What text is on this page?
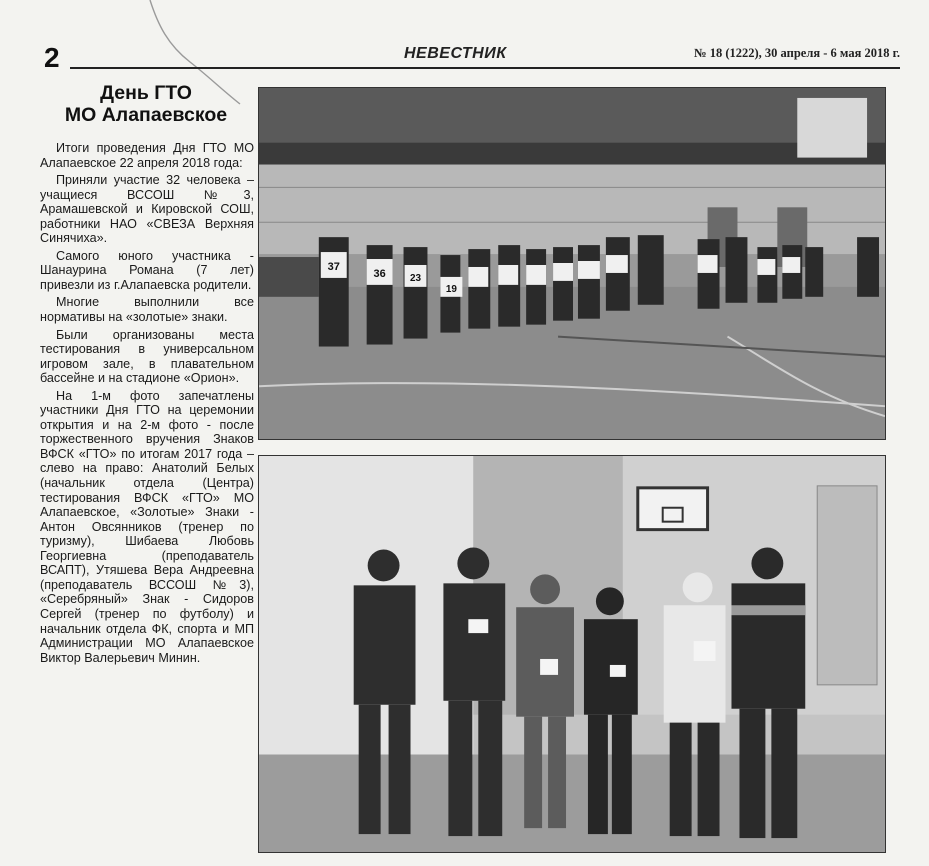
2	НЕВЕСТНИК	№ 18 (1222), 30 апреля - 6 мая 2018 г.
День ГТО
МО Алапаевское

Итоги проведения Дня ГТО МО Алапаевское 22 апреля 2018 года:

Приняли участие 32 человека – учащиеся ВССОШ №3, Арамашевской и Кировской СОШ, работники НАО «СВЕЗА Верхняя Синячиха».

Самого юного участника - Шанаурина Романа (7 лет) привезли из г.Алапаевска родители.

Многие выполнили все нормативы на «золотые» знаки.

Были организованы места тестирования в универсальном игровом зале, в плавательном бассейне и на стадионе «Орион».

На 1-м фото запечатлены участники Дня ГТО на церемонии открытия и на 2-м фото - после торжественного вручения Знаков ВФСК «ГТО» по итогам 2017 года – слево на право: Анатолий Белых (начальник отдела (Центра) тестирования ВФСК «ГТО» МО Алапаевское, «Золотые» Знаки - Антон Овсянников (тренер по туризму), Шибаева Любовь Георгиевна (преподаватель ВСАПТ), Утяшева Вера Андреевна (преподаватель ВССОШ №3), «Серебряный» Знак - Сидоров Сергей (тренер по футболу) и начальник отдела ФК, спорта и МП Администрации МО Алапаевское Виктор Валерьевич Минин.

37
36 23
19
